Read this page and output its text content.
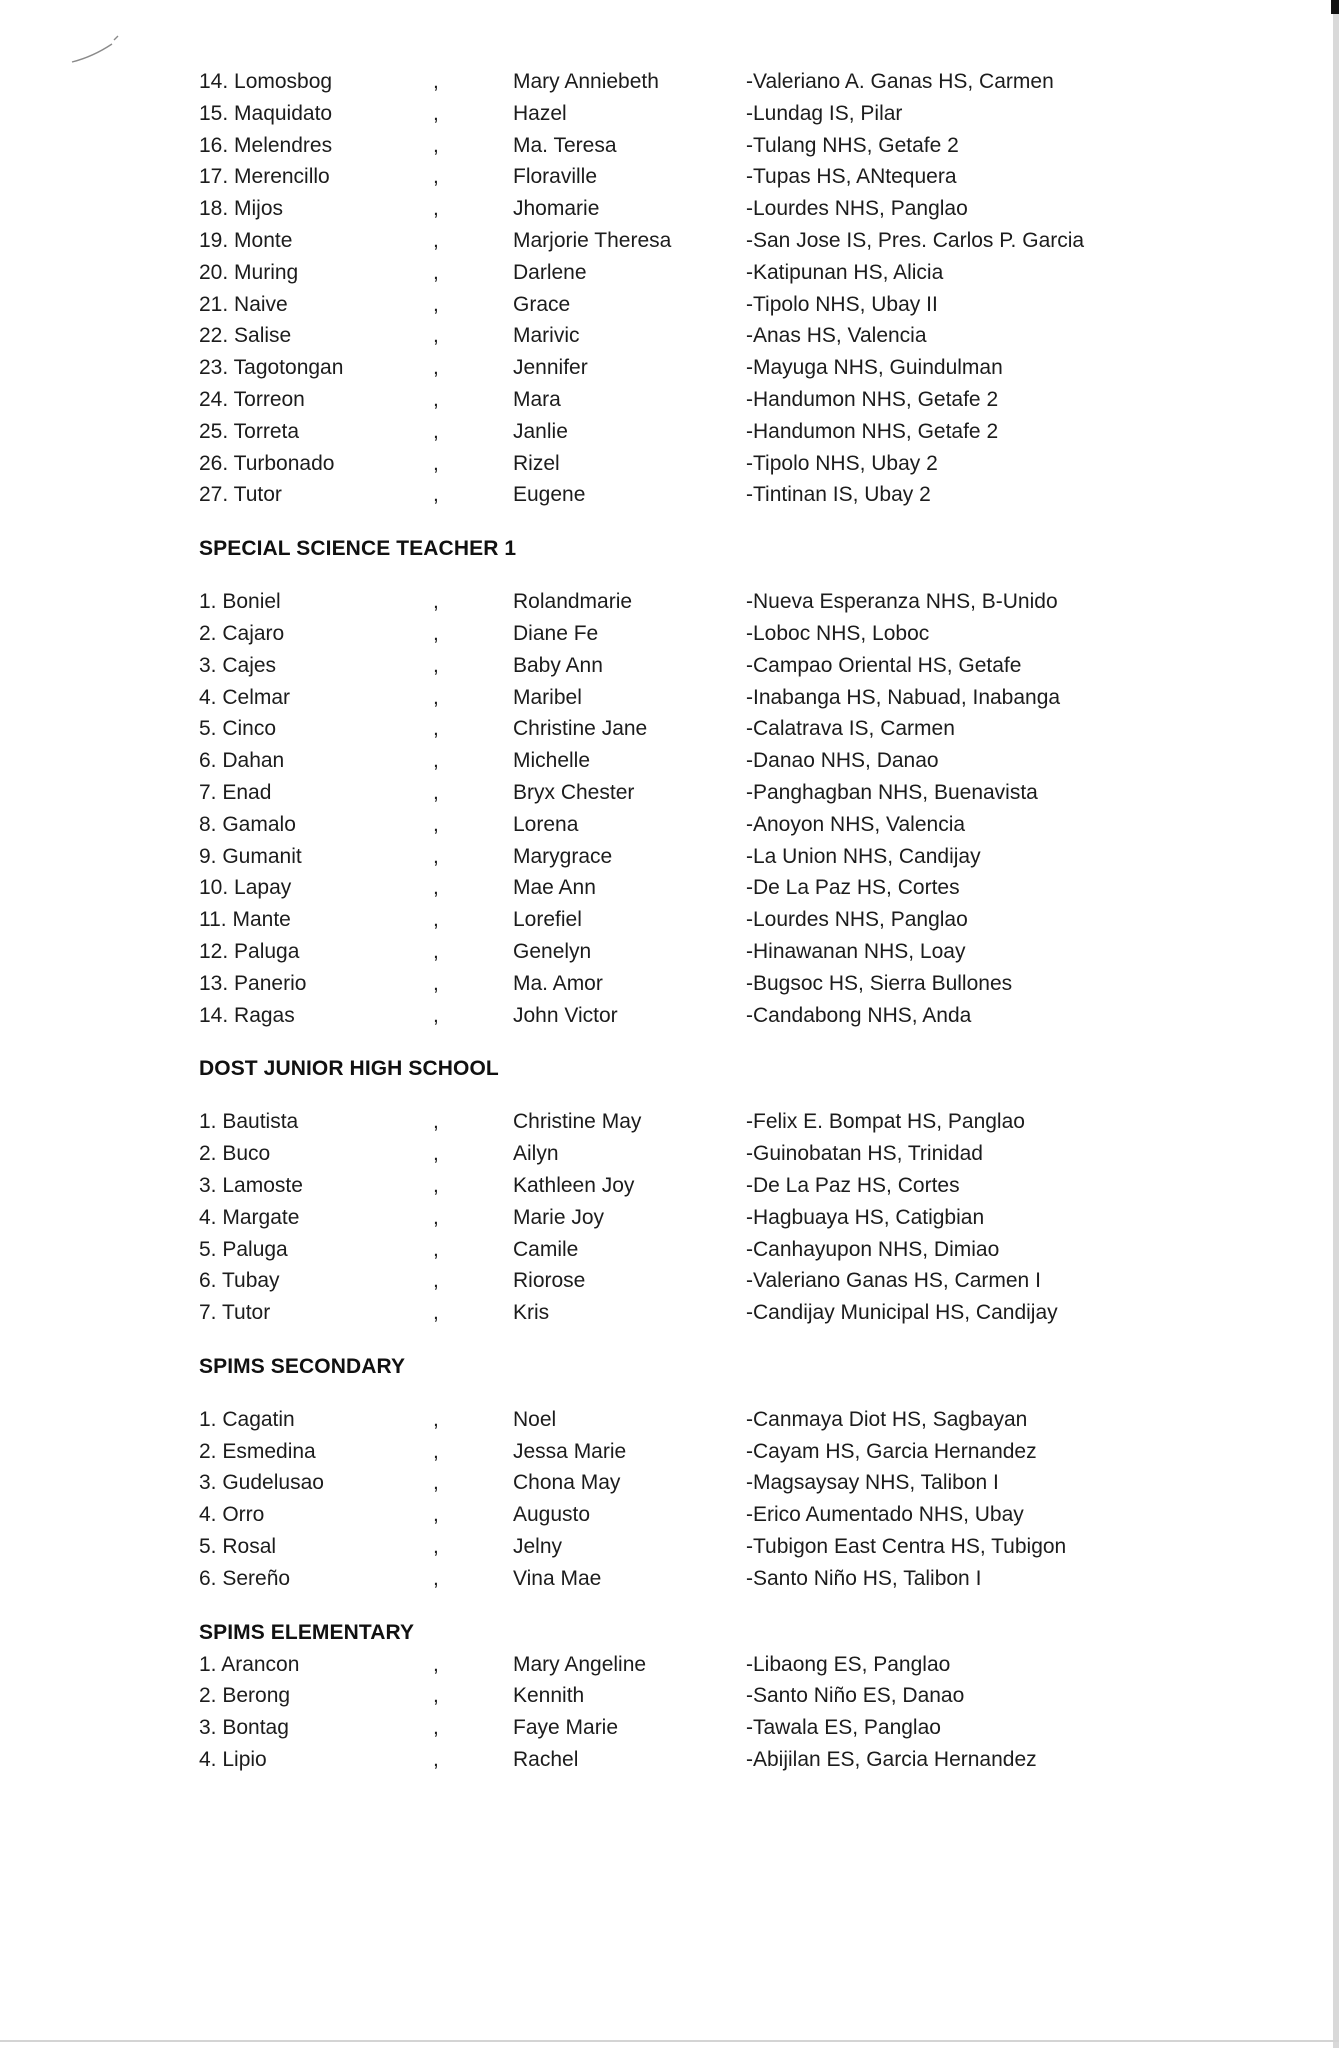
14. Lomosbog	,	Mary Anniebeth	-Valeriano A. Ganas HS, Carmen
15. Maquidato	,	Hazel	-Lundag IS, Pilar
16. Melendres	,	Ma. Teresa	-Tulang NHS, Getafe 2
17. Merencillo	,	Floraville	-Tupas HS, ANtequera
18. Mijos	,	Jhomarie	-Lourdes NHS, Panglao
19. Monte	,	Marjorie Theresa	-San Jose IS, Pres. Carlos P. Garcia
20. Muring	,	Darlene	-Katipunan HS, Alicia
21. Naive	,	Grace	-Tipolo NHS, Ubay II
22. Salise	,	Marivic	-Anas HS, Valencia
23. Tagotongan	,	Jennifer	-Mayuga NHS, Guindulman
24. Torreon	,	Mara	-Handumon NHS, Getafe 2
25. Torreta	,	Janlie	-Handumon NHS, Getafe 2
26. Turbonado	,	Rizel	-Tipolo NHS, Ubay 2
27. Tutor	,	Eugene	-Tintinan IS, Ubay 2
SPECIAL SCIENCE TEACHER 1
1. Boniel	,	Rolandmarie	-Nueva Esperanza NHS, B-Unido
2. Cajaro	,	Diane Fe	-Loboc NHS, Loboc
3. Cajes	,	Baby Ann	-Campao Oriental HS, Getafe
4. Celmar	,	Maribel	-Inabanga HS, Nabuad, Inabanga
5. Cinco	,	Christine Jane	-Calatrava IS, Carmen
6. Dahan	,	Michelle	-Danao NHS, Danao
7. Enad	,	Bryx Chester	-Panghagban NHS, Buenavista
8. Gamalo	,	Lorena	-Anoyon NHS, Valencia
9. Gumanit	,	Marygrace	-La Union NHS, Candijay
10. Lapay	,	Mae Ann	-De La Paz HS, Cortes
11. Mante	,	Lorefiel	-Lourdes NHS, Panglao
12. Paluga	,	Genelyn	-Hinawanan NHS, Loay
13. Panerio	,	Ma. Amor	-Bugsoc HS, Sierra Bullones
14. Ragas	,	John Victor	-Candabong NHS, Anda
DOST JUNIOR HIGH SCHOOL
1. Bautista	,	Christine May	-Felix E. Bompat HS, Panglao
2. Buco	,	Ailyn	-Guinobatan HS, Trinidad
3. Lamoste	,	Kathleen Joy	-De La Paz HS, Cortes
4. Margate	,	Marie Joy	-Hagbuaya HS, Catigbian
5. Paluga	,	Camile	-Canhayupon NHS, Dimiao
6. Tubay	,	Riorose	-Valeriano Ganas HS, Carmen I
7. Tutor	,	Kris	-Candijay Municipal HS, Candijay
SPIMS SECONDARY
1. Cagatin	,	Noel	-Canmaya Diot HS, Sagbayan
2. Esmedina	,	Jessa Marie	-Cayam HS, Garcia Hernandez
3. Gudelusao	,	Chona May	-Magsaysay NHS, Talibon I
4. Orro	,	Augusto	-Erico Aumentado NHS, Ubay
5. Rosal	,	Jelny	-Tubigon East Centra HS, Tubigon
6. Sereño	,	Vina Mae	-Santo Niño HS, Talibon I
SPIMS ELEMENTARY
1. Arancon	,	Mary Angeline	-Libaong ES, Panglao
2. Berong	,	Kennith	-Santo Niño ES, Danao
3. Bontag	,	Faye Marie	-Tawala ES, Panglao
4. Lipio	,	Rachel	-Abijilan ES, Garcia Hernandez
